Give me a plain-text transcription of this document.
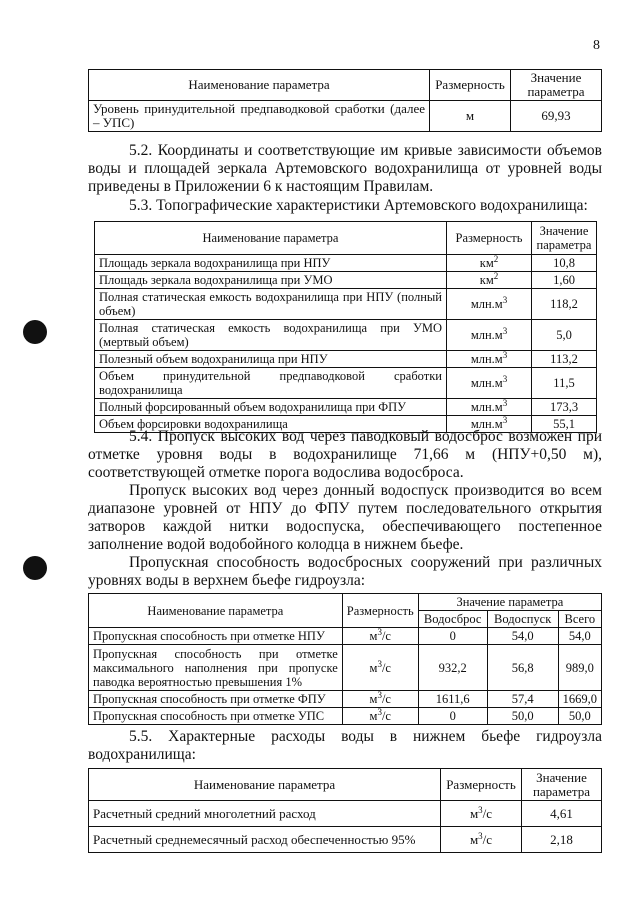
8
Наименование параметра	Размерность	Значение параметра
Уровень принудительной предпаводковой сработки (далее – УПС)	м	69,93

5.2. Координаты и соответствующие им кривые зависимости объемов воды и площадей зеркала Артемовского водохранилища от уровней воды приведены в Приложении 6 к настоящим Правилам.

5.3. Топографические характеристики Артемовского водохранилища:

Наименование параметра	Размерность	Значение параметра
Площадь зеркала водохранилища при НПУ	$км^2$	10,8
Площадь зеркала водохранилища при УМО	$км^2$	1,60
Полная статическая емкость водохранилища при НПУ (полный объем)	$млн.м^3$	118,2
Полная статическая емкость водохранилища при УМО (мертвый объем)	$млн.м^3$	5,0
Полезный объем водохранилища при НПУ	$млн.м^3$	113,2
Объем принудительной предпаводковой сработки водохранилища	$млн.м^3$	11,5
Полный форсированный объем водохранилища при ФПУ	$млн.м^3$	173,3
Объем форсировки водохранилища	$млн.м^3$	55,1

5.4. Пропуск высоких вод через паводковый водосброс возможен при отметке уровня воды в водохранилище 71,66 м (НПУ+0,50 м), соответствующей отметке порога водослива водосброса.

Пропуск высоких вод через донный водоспуск производится во всем диапазоне уровней от НПУ до ФПУ путем последовательного открытия затворов каждой нитки водоспуска, обеспечивающего постепенное заполнение водой водобойного колодца в нижнем бьефе.

Пропускная способность водосбросных сооружений при различных уровнях воды в верхнем бьефе гидроузла:

Наименование параметра	Размерность	Значение параметра		
		Водосброс	Водоспуск	Всего
Пропускная способность при отметке НПУ	$м^3/с$	0	54,0	54,0
Пропускная способность при отметке максимального наполнения при пропуске паводка вероятностью превышения 1%	$м^3/с$	932,2	56,8	989,0
Пропускная способность при отметке ФПУ	$м^3/с$	1611,6	57,4	1669,0
Пропускная способность при отметке УПС	$м^3/с$	0	50,0	50,0

5.5. Характерные расходы воды в нижнем бьефе гидроузла водохранилища:

Наименование параметра	Размерность	Значение параметра
Расчетный средний многолетний расход	$м^3/с$	4,61
Расчетный среднемесячный расход обеспеченностью 95%	$м^3/с$	2,18
